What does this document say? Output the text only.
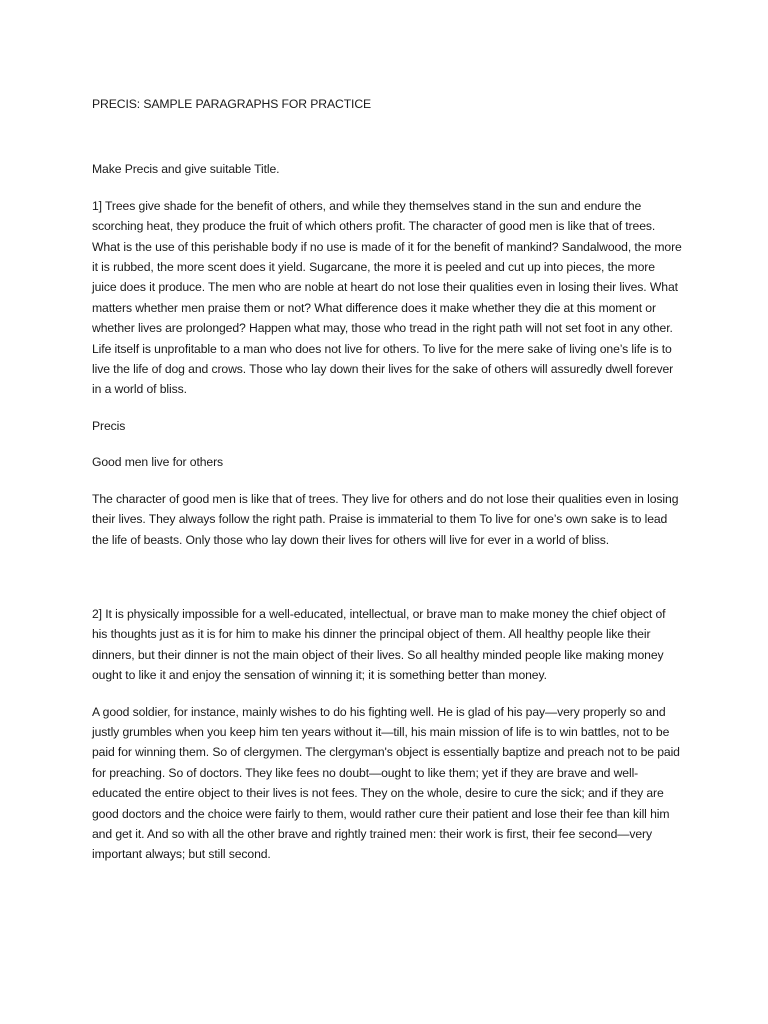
PRECIS: SAMPLE PARAGRAPHS FOR PRACTICE

Make Precis and give suitable Title.

1] Trees give shade for the benefit of others, and while they themselves stand in the sun and endure the scorching heat, they produce the fruit of which others profit. The character of good men is like that of trees. What is the use of this perishable body if no use is made of it for the benefit of mankind? Sandalwood, the more it is rubbed, the more scent does it yield. Sugarcane, the more it is peeled and cut up into pieces, the more juice does it produce. The men who are noble at heart do not lose their qualities even in losing their lives. What matters whether men praise them or not? What difference does it make whether they die at this moment or whether lives are prolonged? Happen what may, those who tread in the right path will not set foot in any other. Life itself is unprofitable to a man who does not live for others. To live for the mere sake of living one’s life is to live the life of dog and crows. Those who lay down their lives for the sake of others will assuredly dwell forever in a world of bliss.

Precis

Good men live for others

The character of good men is like that of trees. They live for others and do not lose their qualities even in losing their lives. They always follow the right path. Praise is immaterial to them To live for one’s own sake is to lead the life of beasts. Only those who lay down their lives for others will live for ever in a world of bliss.

2] It is physically impossible for a well-educated, intellectual, or brave man to make money the chief object of his thoughts just as it is for him to make his dinner the principal object of them. All healthy people like their dinners, but their dinner is not the main object of their lives. So all healthy minded people like making money ought to like it and enjoy the sensation of winning it; it is something better than money.

A good soldier, for instance, mainly wishes to do his fighting well. He is glad of his pay—very properly so and justly grumbles when you keep him ten years without it—till, his main mission of life is to win battles, not to be paid for winning them. So of clergymen. The clergyman's object is essentially baptize and preach not to be paid for preaching. So of doctors. They like fees no doubt—ought to like them; yet if they are brave and well-educated the entire object to their lives is not fees. They on the whole, desire to cure the sick; and if they are good doctors and the choice were fairly to them, would rather cure their patient and lose their fee than kill him and get it. And so with all the other brave and rightly trained men: their work is first, their fee second—very important always; but still second.
